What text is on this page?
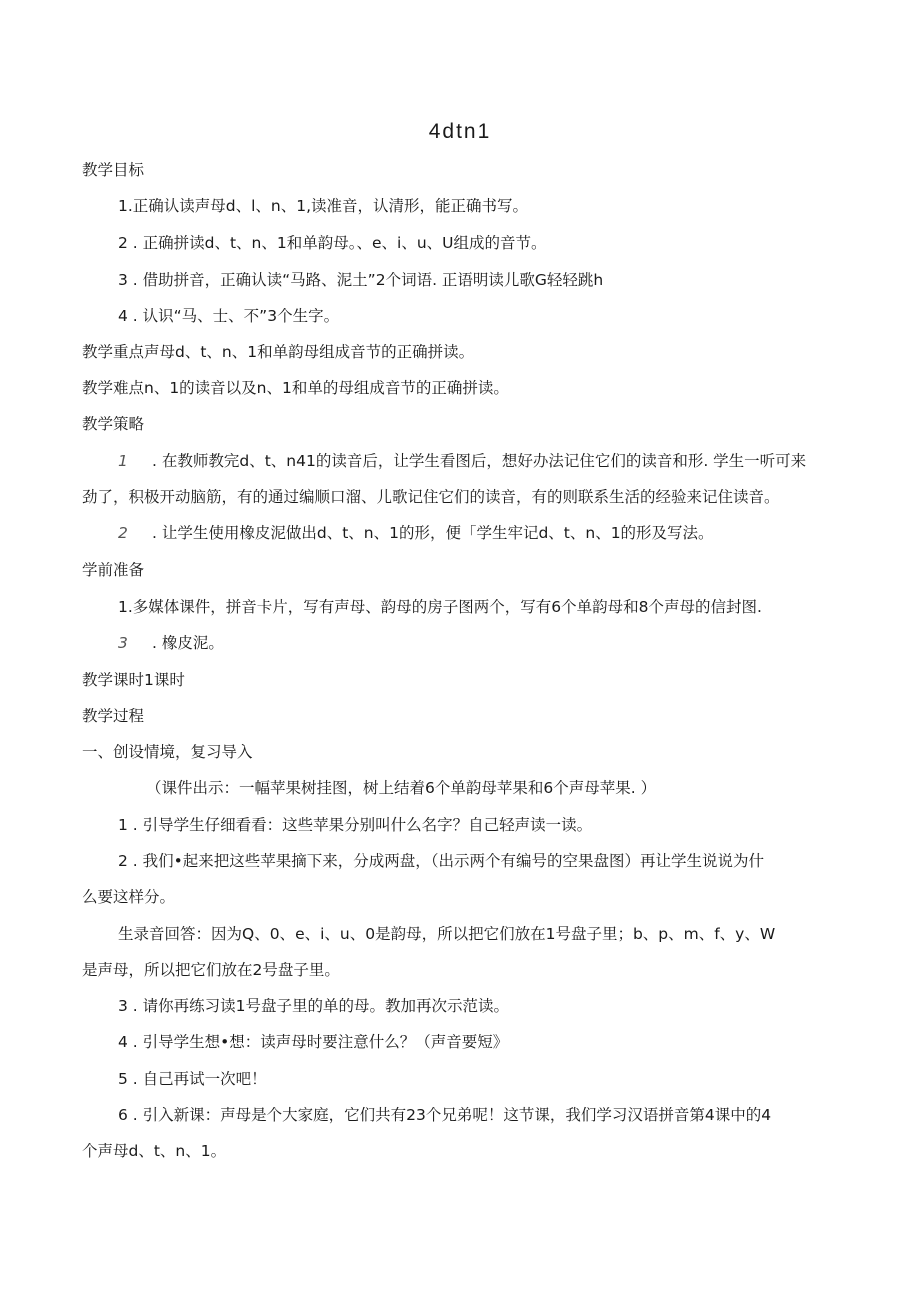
4dtn1
教学目标
1.正确认读声母d、l、n、1,读准音，认清形，能正确书写。
2 . 正确拼读d、t、n、1和单韵母。、e、i、u、U组成的音节。
3 . 借助拼音，正确认读“马路、泥土”2个词语. 正语明读儿歌G轻轻跳h
4 . 认识“马、士、不”3个生字。
教学重点声母d、t、n、1和单韵母组成音节的正确拼读。
教学难点n、1的读音以及n、1和单的母组成音节的正确拼读。
教学策略
1 . 在教师教完d、t、n41的读音后，让学生看图后，想好办法记住它们的读音和形. 学生一听可来
劲了，积极开动脑筋，有的通过编顺口溜、儿歌记住它们的读音，有的则联系生活的经验来记住读音。
2 . 让学生使用橡皮泥做出d、t、n、1的形，便「学生牢记d、t、n、1的形及写法。
学前准备
1.多媒体课件，拼音卡片，写有声母、韵母的房子图两个，写有6个单韵母和8个声母的信封图.
3 . 橡皮泥。
教学课时1课时
教学过程
一、创设情境，复习导入
（课件出示：一幅苹果树挂图，树上结着6个单韵母苹果和6个声母苹果. ）
1 . 引导学生仔细看看：这些苹果分别叫什么名字？自己轻声读一读。
2 . 我们•起来把这些苹果摘下来，分成两盘，（出示两个有编号的空果盘图）再让学生说说为什
么要这样分。
生录音回答：因为Q、0、e、i、u、0是韵母，所以把它们放在1号盘子里；b、p、m、f、y、W
是声母，所以把它们放在2号盘子里。
3 . 请你再练习读1号盘子里的单的母。教加再次示范读。
4 . 引导学生想•想：读声母时要注意什么？（声音要短》
5 . 自己再试一次吧！
6 . 引入新课：声母是个大家庭，它们共有23个兄弟呢！这节课，我们学习汉语拼音第4课中的4
个声母d、t、n、1。
